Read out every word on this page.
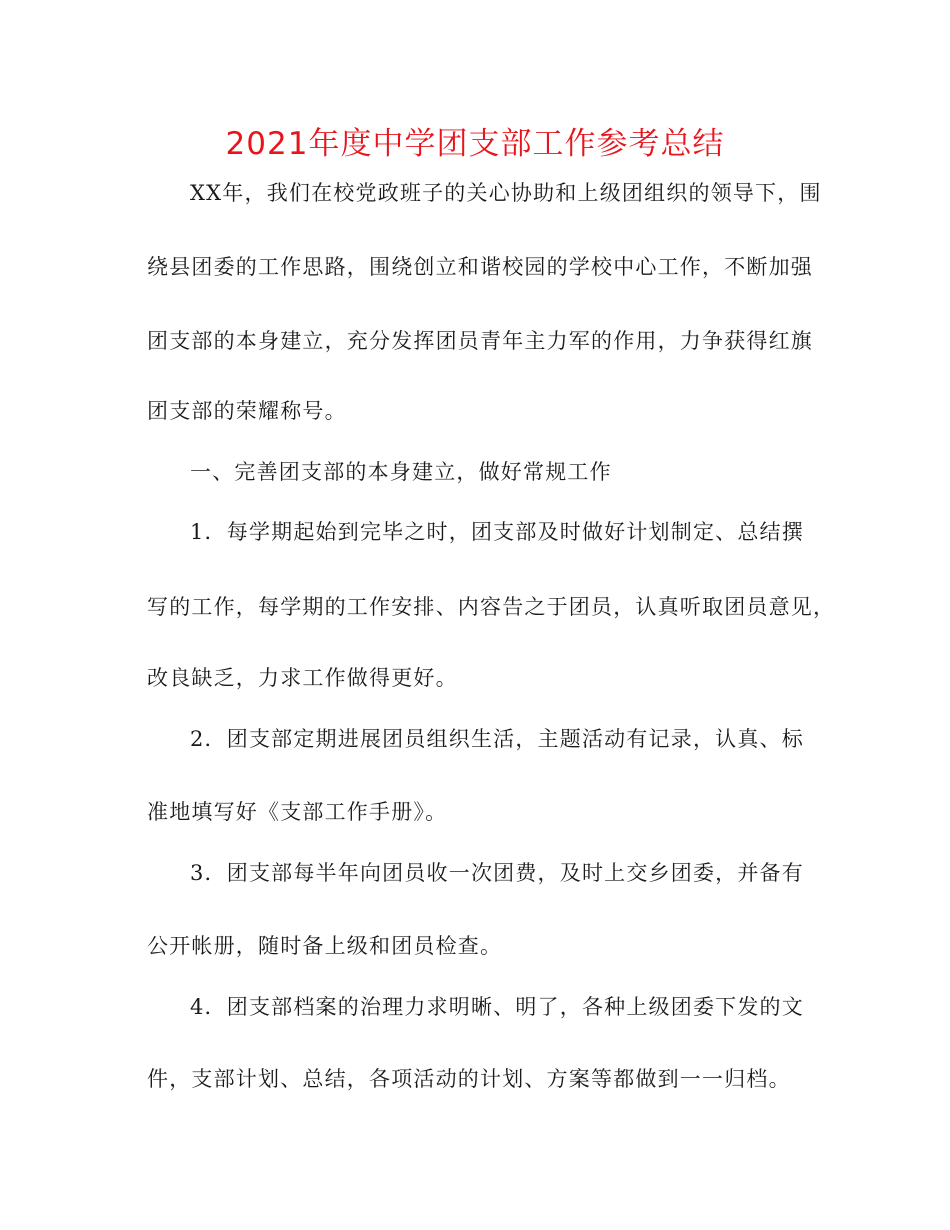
2021年度中学团支部工作参考总结
XX年，我们在校党政班子的关心协助和上级团组织的领导下，围
绕县团委的工作思路，围绕创立和谐校园的学校中心工作，不断加强
团支部的本身建立，充分发挥团员青年主力军的作用，力争获得红旗
团支部的荣耀称号。
一、完善团支部的本身建立，做好常规工作
1．每学期起始到完毕之时，团支部及时做好计划制定、总结撰
写的工作，每学期的工作安排、内容告之于团员，认真听取团员意见，
改良缺乏，力求工作做得更好。
2．团支部定期进展团员组织生活，主题活动有记录，认真、标
准地填写好《支部工作手册》。
3．团支部每半年向团员收一次团费，及时上交乡团委，并备有
公开帐册，随时备上级和团员检查。
4．团支部档案的治理力求明晰、明了，各种上级团委下发的文
件，支部计划、总结，各项活动的计划、方案等都做到一一归档。
